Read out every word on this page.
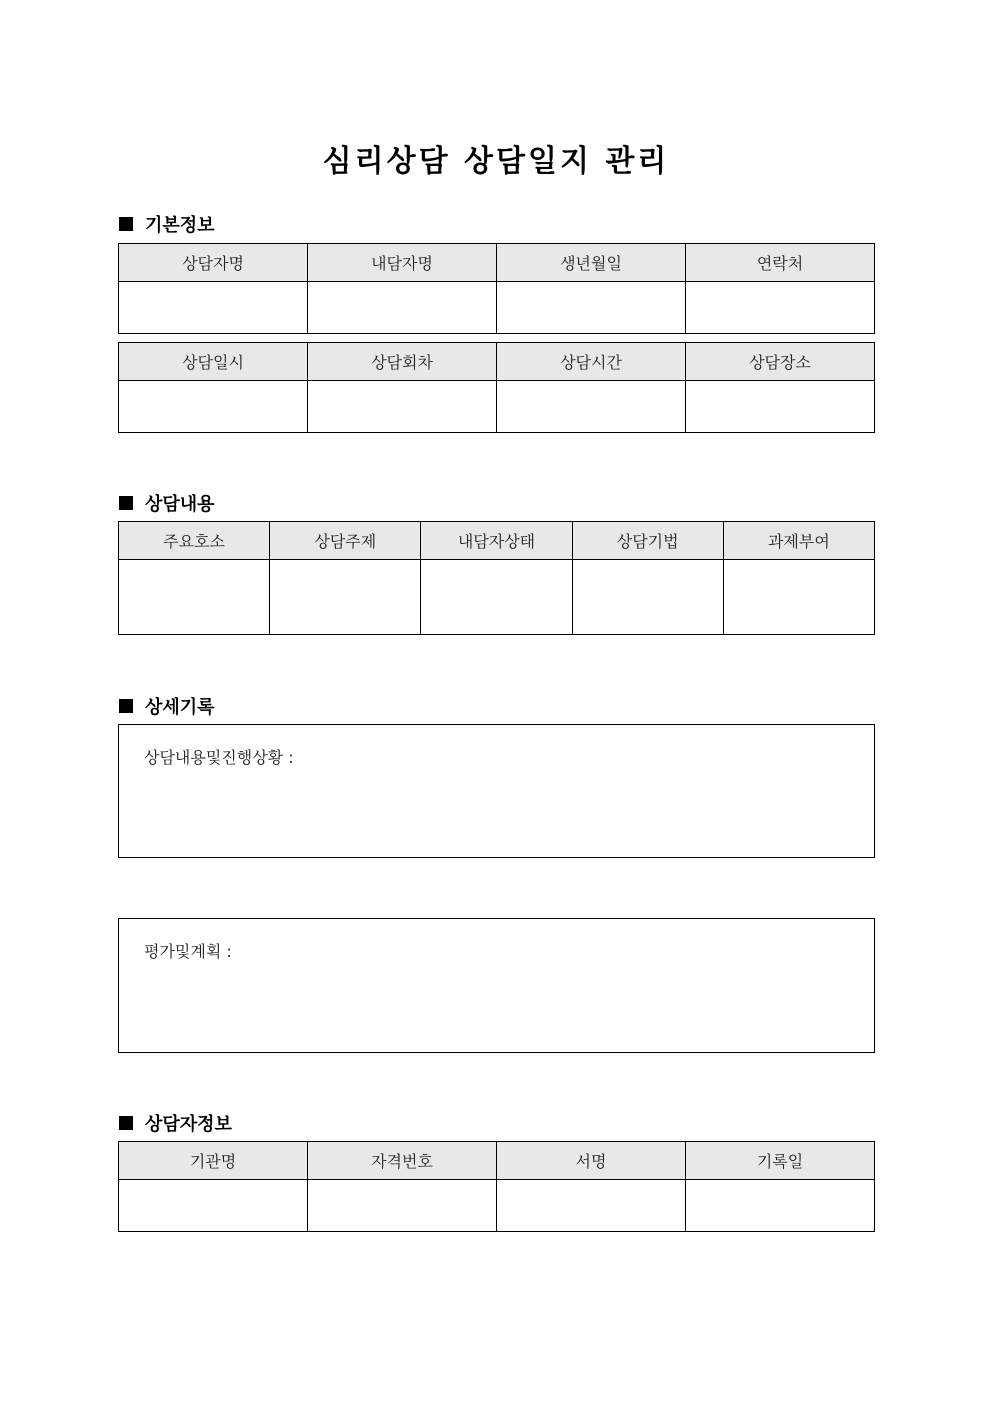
심리상담 상담일지 관리
기본정보
상담자명	내담자명	생년월일	연락처

상담일시	상담회차	상담시간	상담장소

상담내용
주요호소	상담주제	내담자상태	상담기법	과제부여

상세기록
상담내용및진행상황 :
평가및계획 :
상담자정보
기관명	자격번호	서명	기록일
